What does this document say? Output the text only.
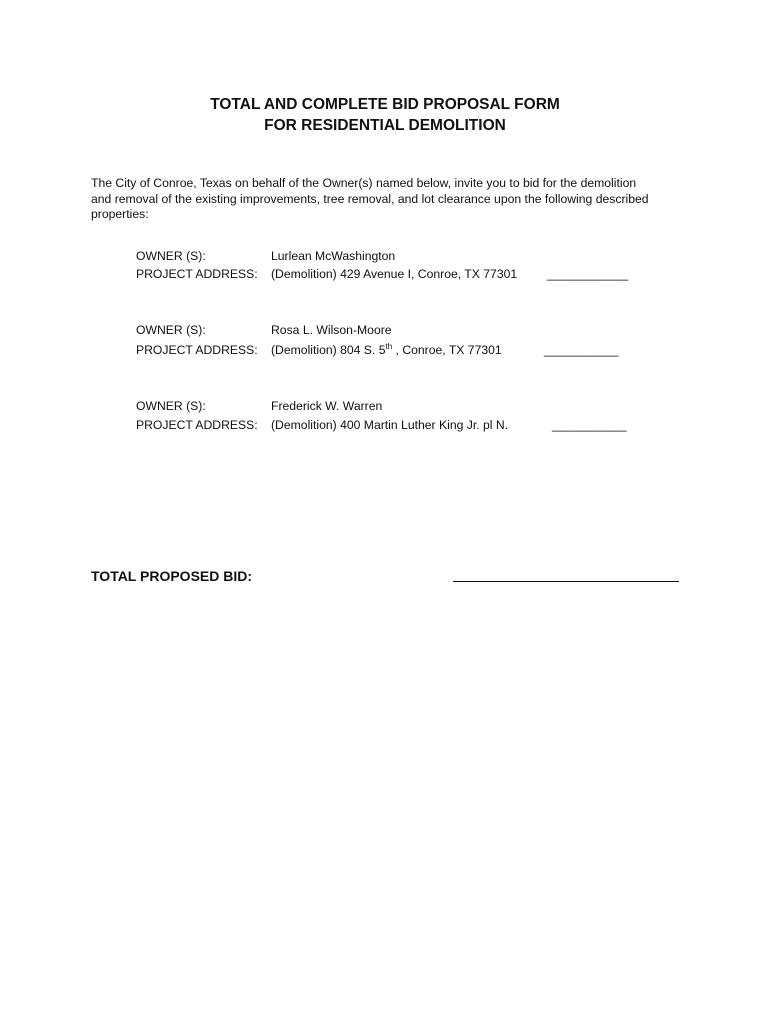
TOTAL AND COMPLETE BID PROPOSAL FORM
FOR RESIDENTIAL DEMOLITION
The City of Conroe, Texas on behalf of the Owner(s) named below, invite you to bid for the demolition
and removal of the existing improvements, tree removal, and lot clearance upon the following described
properties:
OWNER (S):	Lurlean McWashington
PROJECT ADDRESS: (Demolition) 429 Avenue I, Conroe, TX 77301 ____________
OWNER (S):	Rosa L. Wilson-Moore
PROJECT ADDRESS: (Demolition) 804 S. 5th , Conroe, TX 77301	___________
OWNER (S):	Frederick W. Warren
PROJECT ADDRESS: (Demolition) 400 Martin Luther King Jr. pl N.	___________
TOTAL PROPOSED BID:
